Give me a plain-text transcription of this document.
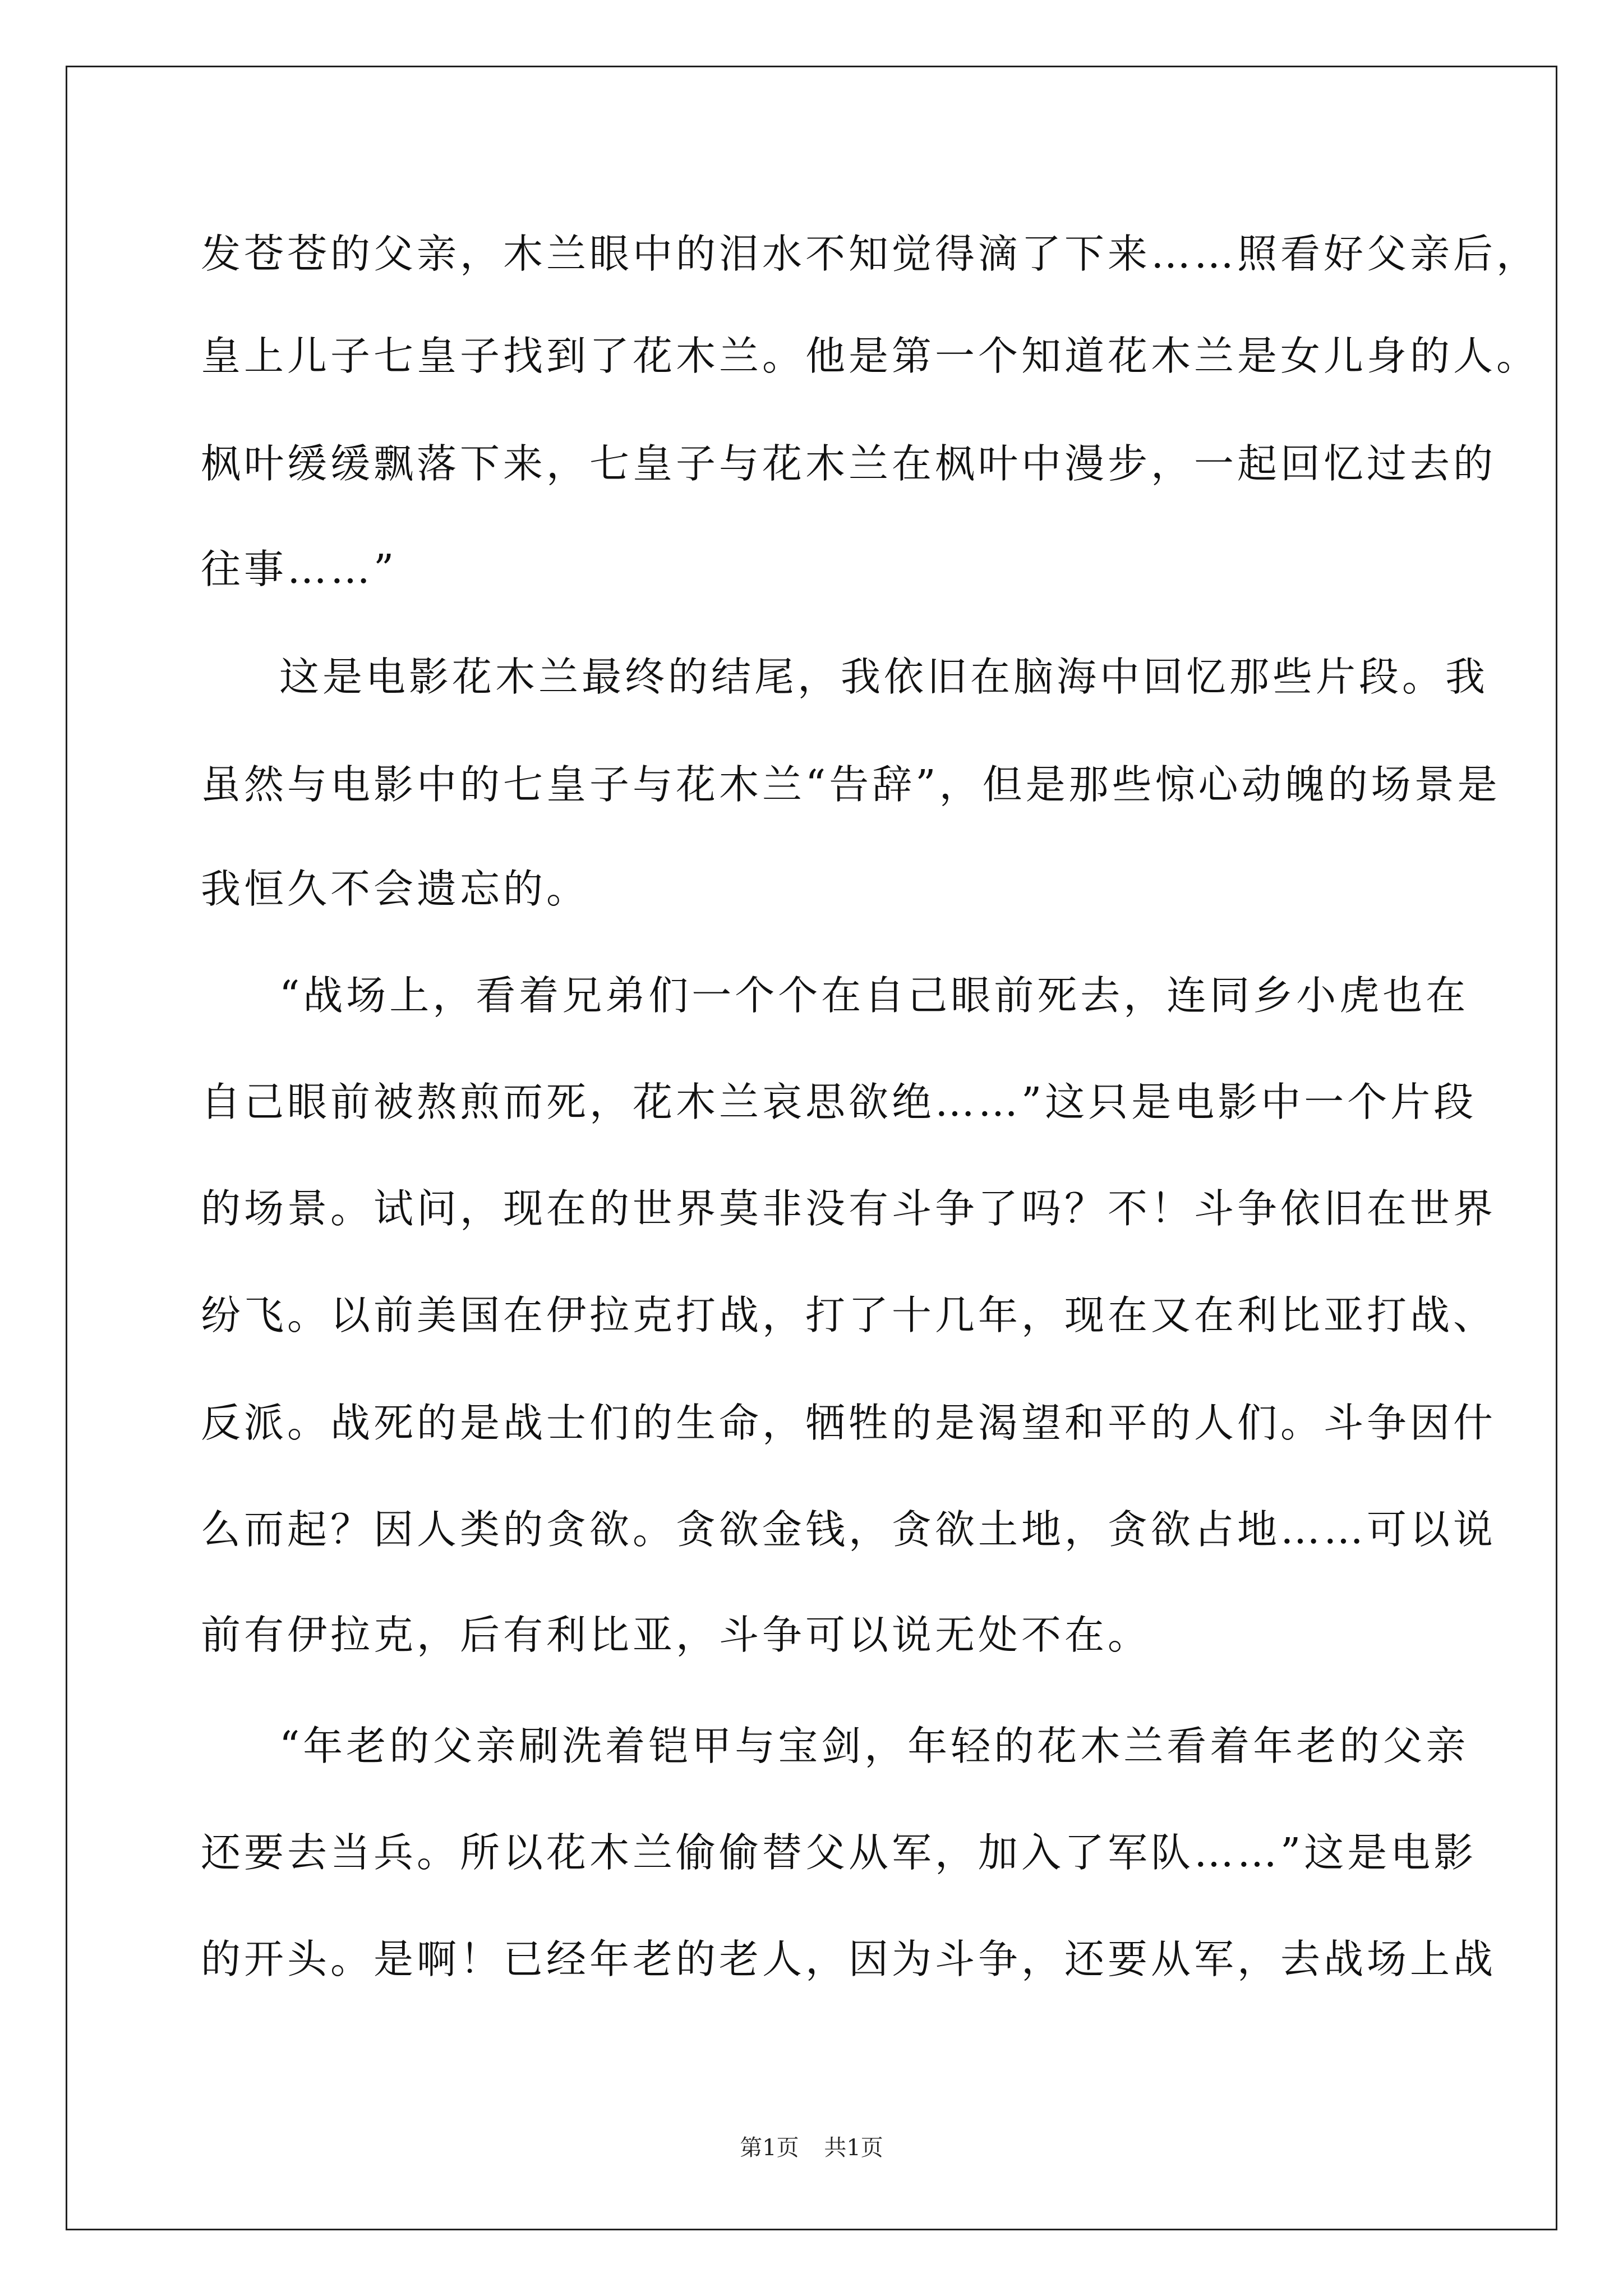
发苍苍的父亲，木兰眼中的泪水不知觉得滴了下来……照看好父亲后，
皇上儿子七皇子找到了花木兰。他是第一个知道花木兰是女儿身的人。
枫叶缓缓飘落下来，七皇子与花木兰在枫叶中漫步，一起回忆过去的
往事……”
这是电影花木兰最终的结尾，我依旧在脑海中回忆那些片段。我
虽然与电影中的七皇子与花木兰“告辞”，但是那些惊心动魄的场景是
我恒久不会遗忘的。
“战场上，看着兄弟们一个个在自己眼前死去，连同乡小虎也在
自己眼前被熬煎而死，花木兰哀思欲绝……”这只是电影中一个片段
的场景。试问，现在的世界莫非没有斗争了吗？不！斗争依旧在世界
纷飞。以前美国在伊拉克打战，打了十几年，现在又在利比亚打战、
反派。战死的是战士们的生命，牺牲的是渴望和平的人们。斗争因什
么而起？因人类的贪欲。贪欲金钱，贪欲土地，贪欲占地……可以说
前有伊拉克，后有利比亚，斗争可以说无处不在。
“年老的父亲刷洗着铠甲与宝剑，年轻的花木兰看着年老的父亲
还要去当兵。所以花木兰偷偷替父从军，加入了军队……”这是电影
的开头。是啊！已经年老的老人，因为斗争，还要从军，去战场上战
第1页 共1页
